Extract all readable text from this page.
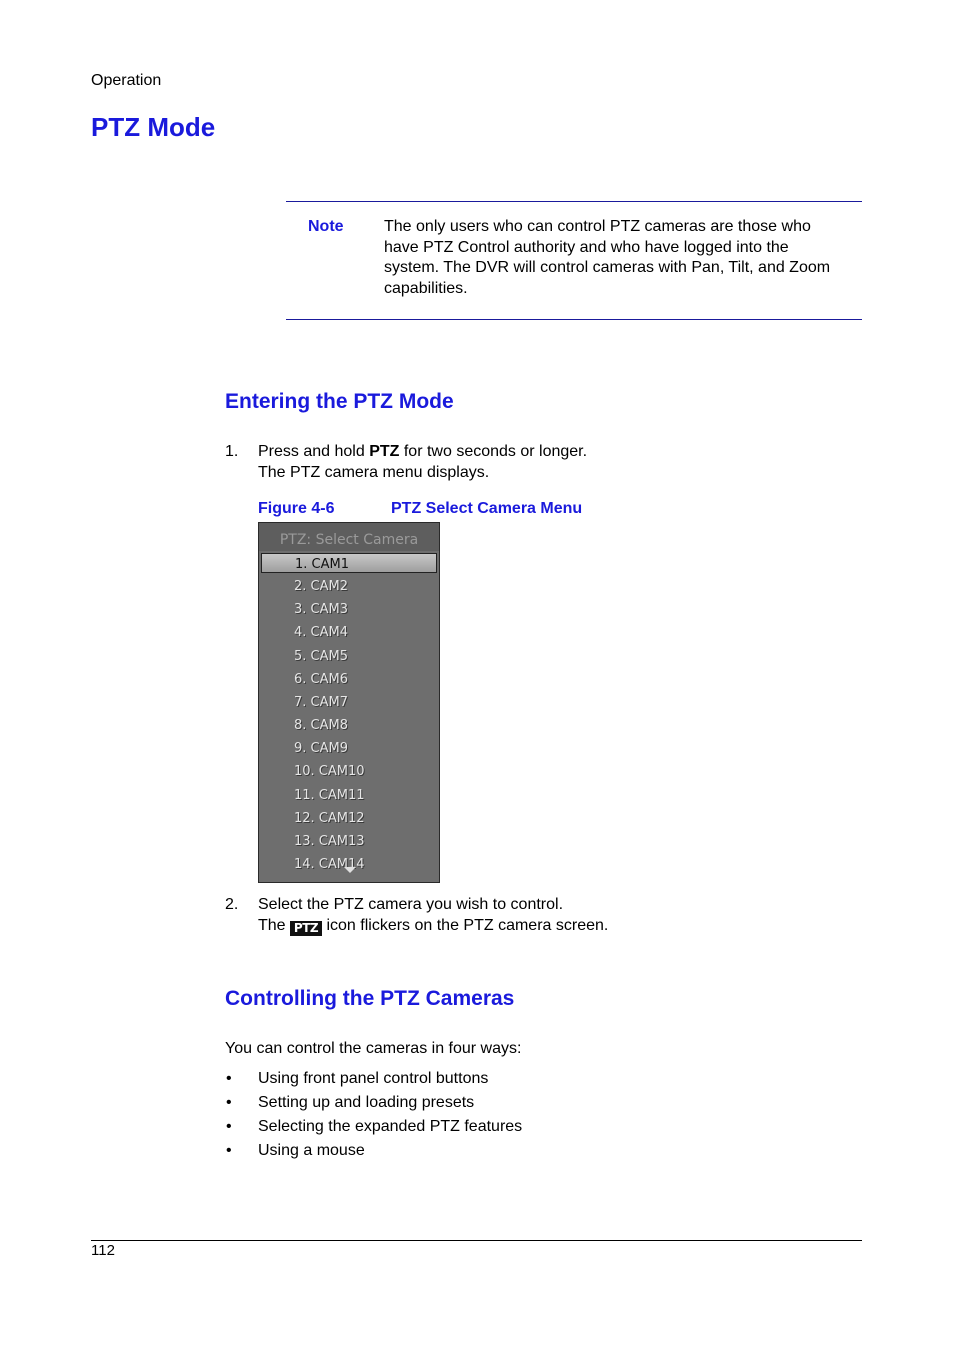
Operation
PTZ Mode
Note	The only users who can control PTZ cameras are those who
have PTZ Control authority and who have logged into the
system. The DVR will control cameras with Pan, Tilt, and Zoom
capabilities.
Entering the PTZ Mode
1. Press and hold PTZ for two seconds or longer.
The PTZ camera menu displays.
Figure 4-6	PTZ Select Camera Menu
PTZ: Select Camera
1. CAM1
2. CAM2
3. CAM3
4. CAM4
5. CAM5
6. CAM6
7. CAM7
8. CAM8
9. CAM9
10. CAM10
11. CAM11
12. CAM12
13. CAM13
14. CAM14
2. Select the PTZ camera you wish to control.
The PTZ icon flickers on the PTZ camera screen.
Controlling the PTZ Cameras
You can control the cameras in four ways:
• Using front panel control buttons
• Setting up and loading presets
• Selecting the expanded PTZ features
• Using a mouse
112
